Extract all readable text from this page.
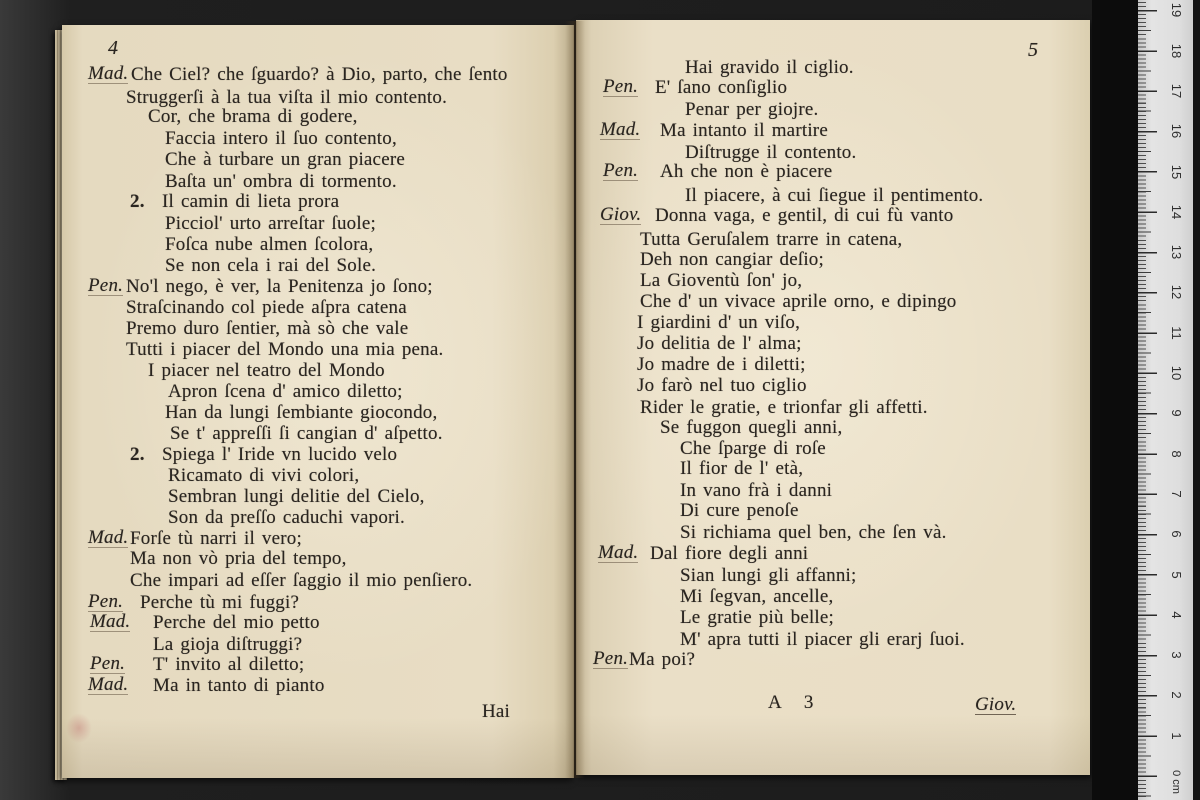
4
Mad. Che Ciel? che ſguardo? à Dio, parto, che ſento
Struggerſi à la tua viſta il mio contento.
Cor, che brama di godere,
Faccia intero il ſuo contento,
Che à turbare un gran piacere
Baſta un' ombra di tormento.
2. Il camin di lieta prora
Picciol' urto arreſtar ſuole;
Foſca nube almen ſcolora,
Se non cela i rai del Sole.
Pen. No'l nego, è ver, la Penitenza jo ſono;
Straſcinando col piede aſpra catena
Premo duro ſentier, mà sò che vale
Tutti i piacer del Mondo una mia pena.
I piacer nel teatro del Mondo
Apron ſcena d' amico diletto;
Han da lungi ſembiante giocondo,
Se t' appreſſi ſi cangian d' aſpetto.
2. Spiega l' Iride vn lucido velo
Ricamato di vivi colori,
Sembran lungi delitie del Cielo,
Son da preſſo caduchi vapori.
Mad. Forſe tù narri il vero;
Ma non vò pria del tempo,
Che impari ad eſſer ſaggio il mio penſiero.
Pen. Perche tù mi fuggi?
Mad. Perche del mio petto
La gioja diſtruggi?
Pen. T' invito al diletto;
Mad. Ma in tanto di pianto
Hai
5
Hai gravido il ciglio.
Pen. E' ſano conſiglio
Penar per giojre.
Mad. Ma intanto il martire
Diſtrugge il contento.
Pen. Ah che non è piacere
Il piacere, à cui ſiegue il pentimento.
Giov. Donna vaga, e gentil, di cui fù vanto
Tutta Geruſalem trarre in catena,
Deh non cangiar deſio;
La Gioventù ſon' jo,
Che d' un vivace aprile orno, e dipingo
I giardini d' un viſo,
Jo delitia de l' alma;
Jo madre de i diletti;
Jo farò nel tuo ciglio
Rider le gratie, e trionfar gli affetti.
Se fuggon quegli anni,
Che ſparge di roſe
Il fior de l' età,
In vano frà i danni
Di cure penoſe
Si richiama quel ben, che ſen và.
Mad. Dal fiore degli anni
Sian lungi gli affanni;
Mi ſegvan, ancelle,
Le gratie più belle;
M' apra tutti il piacer gli erarj ſuoi.
Pen. Ma poi?
A 3	Giov.
19
18
17
16
15
14
13
12
11
10
9
8
7
6
5
4
3
2
1
0 cm
